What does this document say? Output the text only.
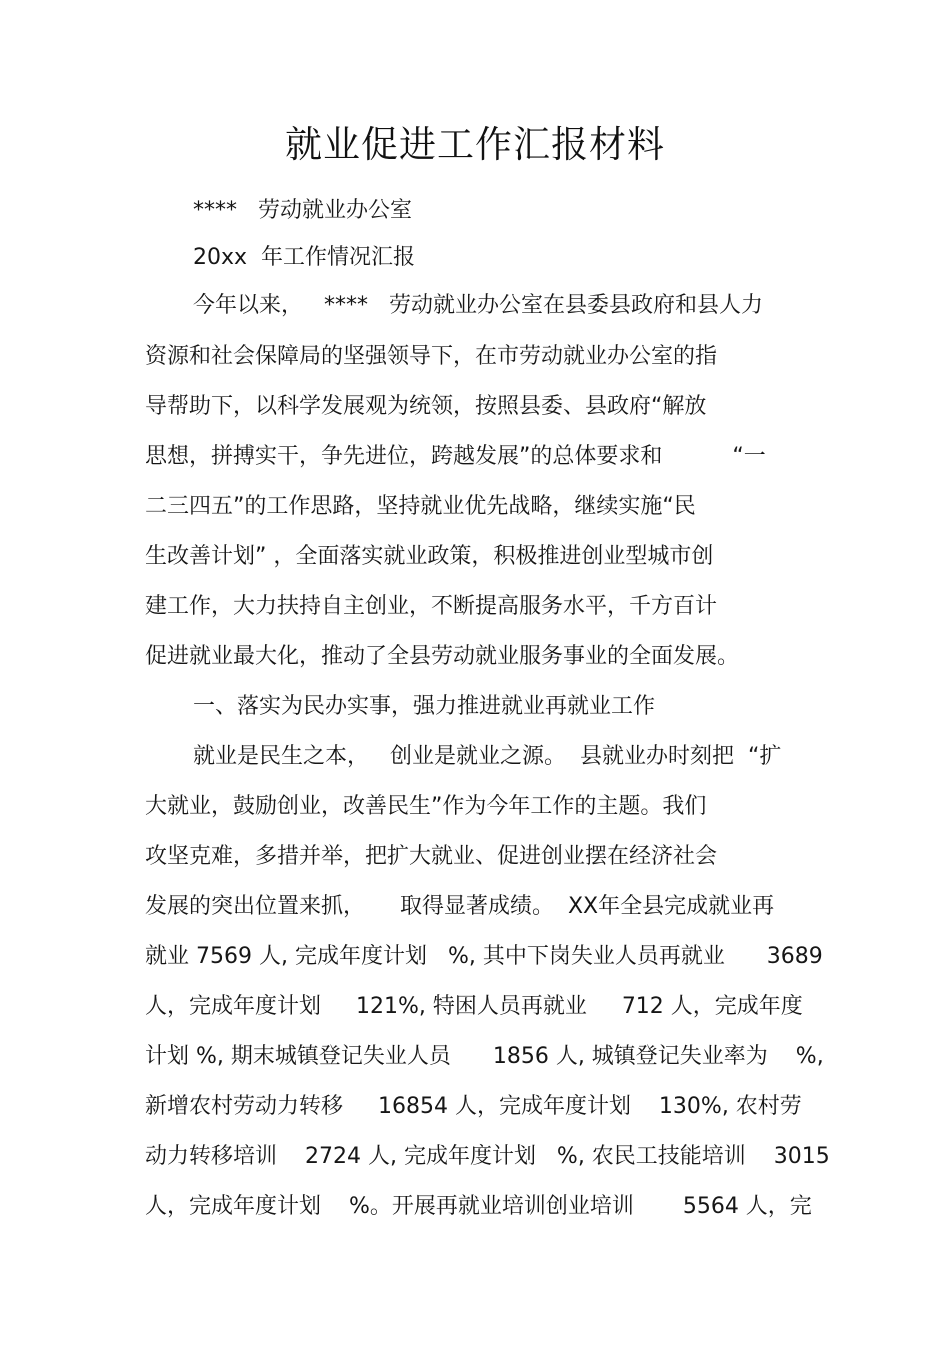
就业促进工作汇报材料
****   劳动就业办公室
20xx  年工作情况汇报
今年以来，   ****   劳动就业办公室在县委县政府和县人力
资源和社会保障局的坚强领导下，在市劳动就业办公室的指
导帮助下，以科学发展观为统领，按照县委、县政府“解放
思想，拼搏实干，争先进位，跨越发展”的总体要求和          “一
二三四五”的工作思路，坚持就业优先战略，继续实施“民
生改善计划” ，全面落实就业政策，积极推进创业型城市创
建工作，大力扶持自主创业，不断提高服务水平，千方百计
促进就业最大化，推动了全县劳动就业服务事业的全面发展。
一、落实为民办实事，强力推进就业再就业工作
就业是民生之本，   创业是就业之源。  县就业办时刻把  “扩
大就业，鼓励创业，改善民生”作为今年工作的主题。我们
攻坚克难，多措并举，把扩大就业、促进创业摆在经济社会
发展的突出位置来抓，     取得显著成绩。  XX年全县完成就业再
就业 7569 人, 完成年度计划   %, 其中下岗失业人员再就业      3689
人，完成年度计划     121%, 特困人员再就业     712 人，完成年度
计划 %, 期末城镇登记失业人员      1856 人, 城镇登记失业率为    %,
新增农村劳动力转移     16854 人，完成年度计划    130%, 农村劳
动力转移培训    2724 人, 完成年度计划   %, 农民工技能培训    3015
人，完成年度计划    %。开展再就业培训创业培训       5564 人，完
